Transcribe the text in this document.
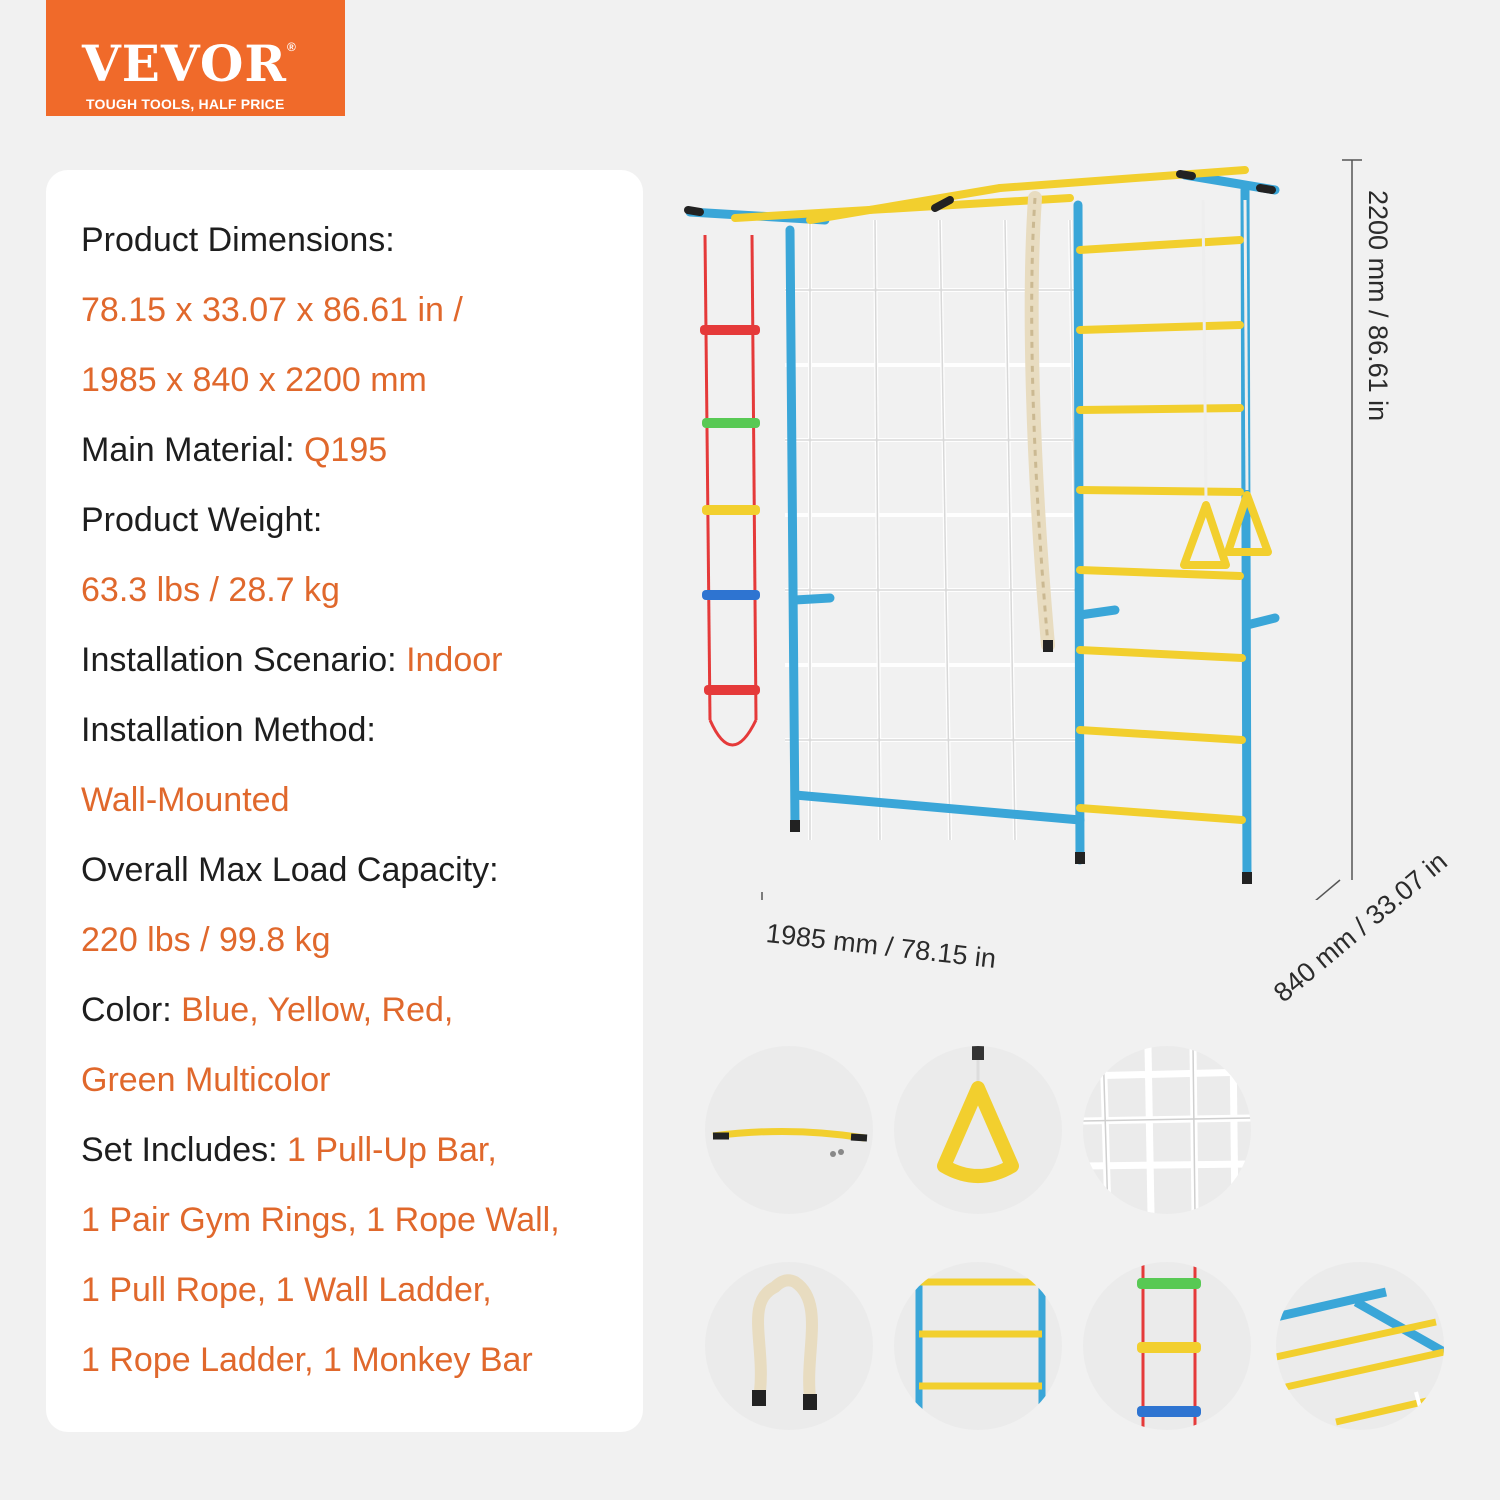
VEVOR®
TOUGH TOOLS, HALF PRICE
Product Dimensions:
78.15 x 33.07 x 86.61 in /
1985 x 840 x 2200 mm
Main Material: Q195
Product Weight:
63.3 lbs / 28.7 kg
Installation Scenario: Indoor
Installation Method:
Wall-Mounted
Overall Max Load Capacity:
220 lbs / 99.8 kg
Color: Blue, Yellow, Red,
Green Multicolor
Set Includes: 1 Pull-Up Bar,
1 Pair Gym Rings, 1 Rope Wall,
1 Pull Rope, 1 Wall Ladder,
1 Rope Ladder, 1 Monkey Bar
2200 mm / 86.61 in
1985 mm / 78.15 in	840 mm / 33.07 in
